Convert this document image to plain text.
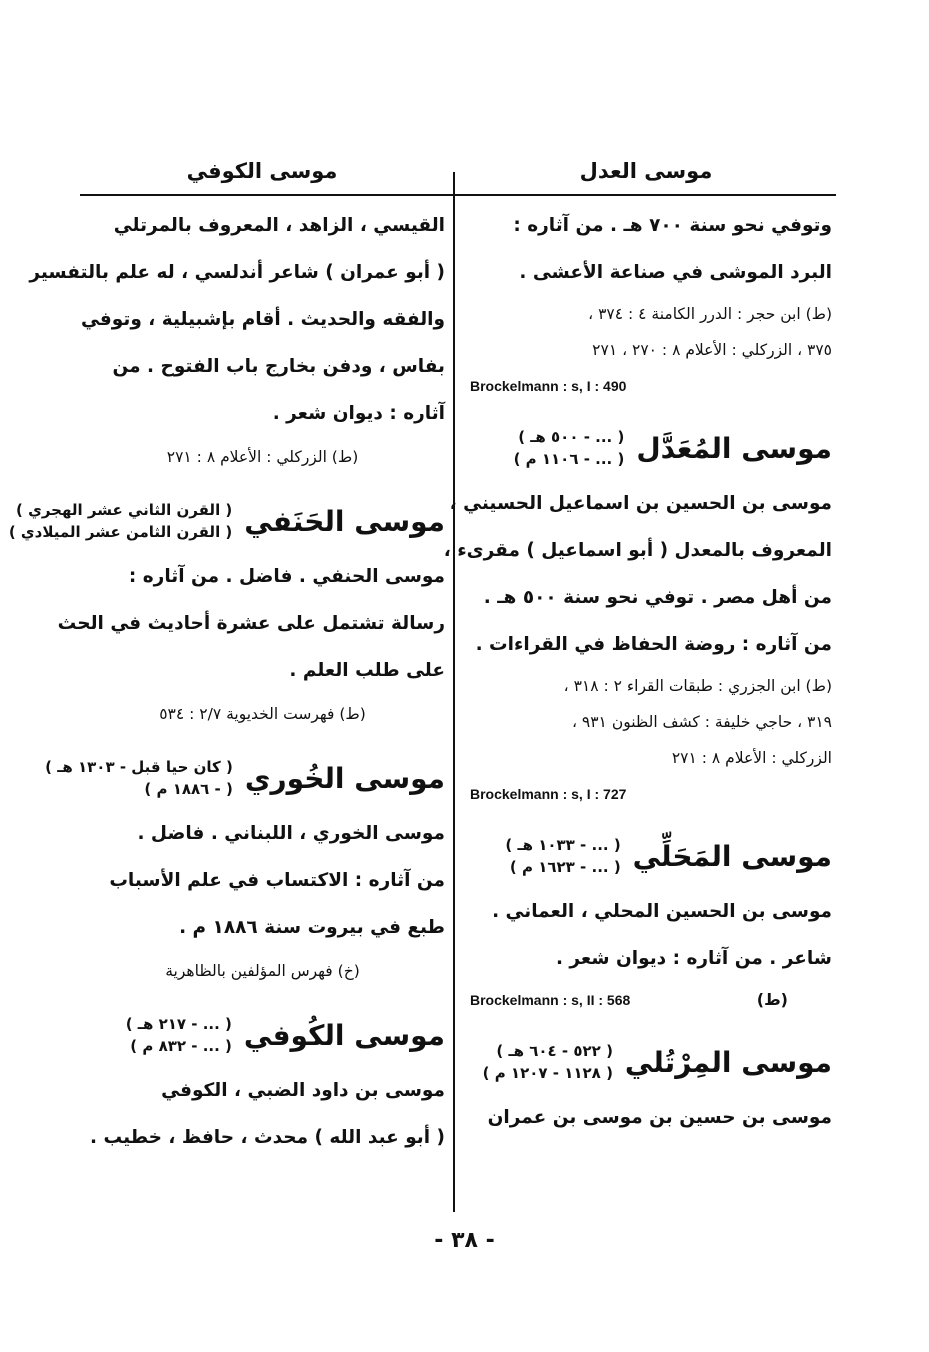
موسى العدل
موسى الكوفي
وتوفي نحو سنة ٧٠٠ هـ . من آثاره :
البرد الموشى في صناعة الأعشى .
(ط) ابن حجر : الدرر الكامنة ٤ : ٣٧٤ ،
٣٧٥ ، الزركلي : الأعلام ٨ : ٢٧٠ ، ٢٧١
Brockelmann : s, I : 490
موسى المُعَدَّل
( ... - ٥٠٠ هـ )
( ... - ١١٠٦ م )
موسى بن الحسين بن اسماعيل الحسيني ،
المعروف بالمعدل ( أبو اسماعيل ) مقرىء ،
من أهل مصر . توفي نحو سنة ٥٠٠ هـ .
من آثاره : روضة الحفاظ في القراءات .
(ط) ابن الجزري : طبقات القراء ٢ : ٣١٨ ،
٣١٩ ، حاجي خليفة : كشف الظنون ٩٣١ ،
الزركلي : الأعلام ٨ : ٢٧١
Brockelmann : s, I : 727
موسى المَحَلِّي
( ... - ١٠٣٣ هـ )
( ... - ١٦٢٣ م )
موسى بن الحسين المحلي ، العماني .
شاعر . من آثاره : ديوان شعر .
Brockelmann : s, II : 568	(ط)
موسى المِرْتُلي
( ٥٢٢ - ٦٠٤ هـ )
( ١١٢٨ - ١٢٠٧ م )
موسى بن حسين بن موسى بن عمران
القيسي ، الزاهد ، المعروف بالمرتلي
( أبو عمران ) شاعر أندلسي ، له علم بالتفسير
والفقه والحديث . أقام بإشبيلية ، وتوفي
بفاس ، ودفن بخارج باب الفتوح . من
آثاره : ديوان شعر .
(ط) الزركلي : الأعلام ٨ : ٢٧١
موسى الحَنَفي
( القرن الثاني عشر الهجري )
( القرن الثامن عشر الميلادي )
موسى الحنفي . فاضل . من آثاره :
رسالة تشتمل على عشرة أحاديث في الحث
على طلب العلم .
(ط) فهرست الخديوية ٢/٧ : ٥٣٤
موسى الخُوري
( كان حيا قبل - ١٣٠٣ هـ )
( - ١٨٨٦ م )
موسى الخوري ، اللبناني . فاضل .
من آثاره : الاكتساب في علم الأسباب
طبع في بيروت سنة ١٨٨٦ م .
(خ) فهرس المؤلفين بالظاهرية
موسى الكُوفي
( ... - ٢١٧ هـ )
( ... - ٨٣٢ م )
موسى بن داود الضبي ، الكوفي
( أبو عبد الله ) محدث ، حافظ ، خطيب .
- ٣٨ -
